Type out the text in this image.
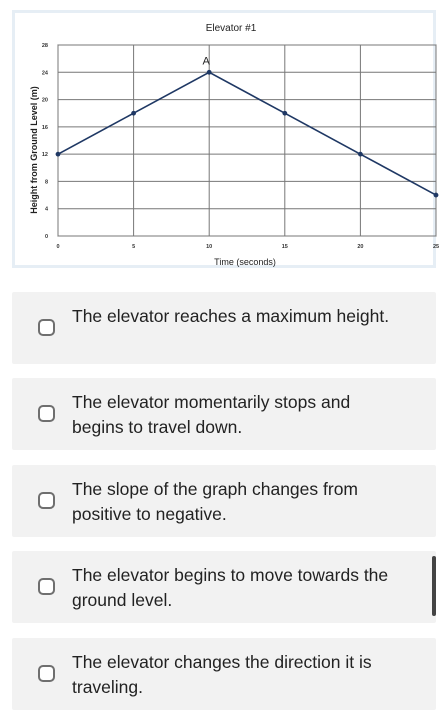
Elevator #1
Time (seconds)
Height from Ground Level (m)
0
4
8
12
16
20
24
28
0	5	10	15	20	25
A
The elevator reaches a maximum height.
The elevator momentarily stops and begins to travel down.
The slope of the graph changes from positive to negative.
The elevator begins to move towards the ground level.
The elevator changes the direction it is traveling.
